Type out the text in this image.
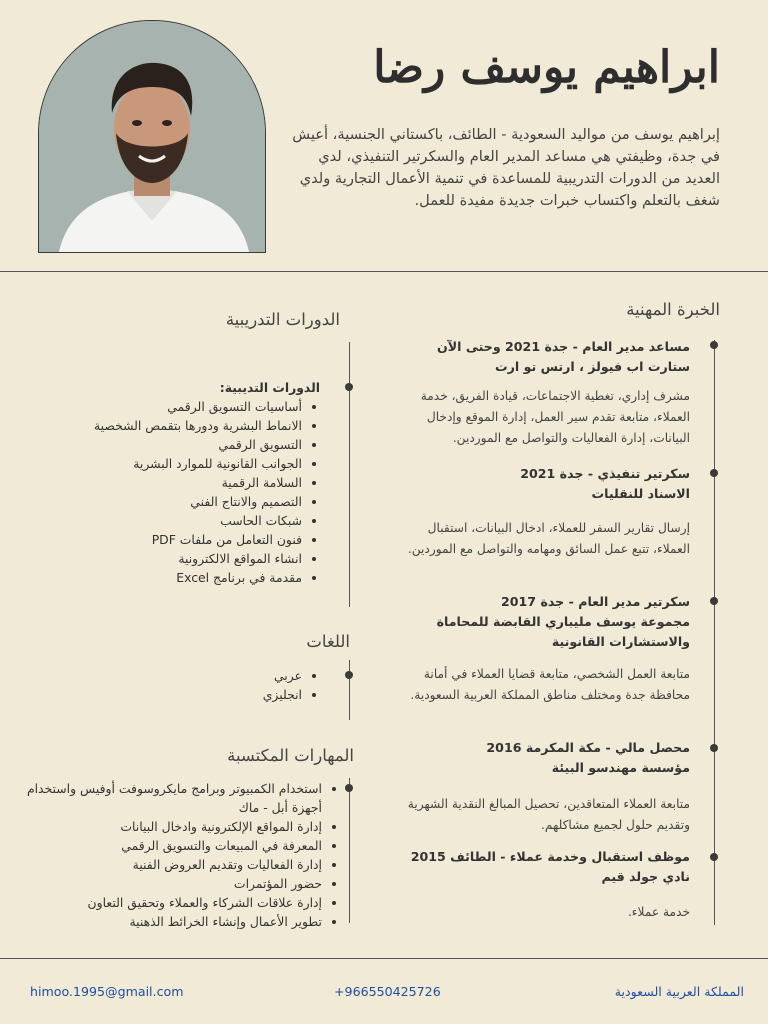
ابراهيم يوسف رضا
إبراهيم يوسف من مواليد السعودية - الطائف، باكستاني الجنسية، أعيش في جدة، وظيفتي هي مساعد المدير العام والسكرتير التنفيذي، لدي العديد من الدورات التدريبية للمساعدة في تنمية الأعمال التجارية ولدي شغف بالتعلم واكتساب خبرات جديدة مفيدة للعمل.
الخبرة المهنية
مساعد مدير العام - جدة 2021 وحتى الآن
ستارت اب فيولز ، ارتس تو ارت
مشرف إداري، تغطية الاجتماعات، قيادة الفريق، خدمة العملاء، متابعة تقدم سير العمل، إدارة الموقع وإدخال البيانات، إدارة الفعاليات والتواصل مع الموردين.
سكرتير تنفيذي - جدة 2021
الاسناد للنقليات
إرسال تقارير السفر للعملاء، ادخال البيانات، استقبال العملاء، تتبع عمل السائق ومهامه والتواصل مع الموردين.
سكرتير مدير العام - جدة 2017
مجموعة يوسف مليباري القابضة للمحاماة والاستشارات القانونية
متابعة العمل الشخصي، متابعة قضايا العملاء في أمانة محافظة جدة ومختلف مناطق المملكة العربية السعودية.
محصل مالي - مكة المكرمة 2016
مؤسسة مهندسو البيئة
متابعة العملاء المتعاقدين، تحصيل المبالغ النقدية الشهرية وتقديم حلول لجميع مشاكلهم.
موظف استقبال وخدمة عملاء - الطائف 2015
نادي جولد قيم
خدمة عملاء.
الدورات التدريبية
الدورات التديبية:
أساسيات التسويق الرقمي
الانماط البشرية ودورها بتقمص الشخصية
التسويق الرقمي
الجوانب القانونية للموارد البشرية
السلامة الرقمية
التصميم والانتاج الفني
شبكات الحاسب
فنون التعامل من ملفات PDF
انشاء المواقع الالكترونية
مقدمة في برنامج Excel
اللغات
عربي
انجليزي
المهارات المكتسبة
استخدام الكمبيوتر وبرامج مايكروسوفت أوفيس واستخدام أجهزة أبل - ماك
إدارة المواقع الإلكترونية وادخال البيانات
المعرفة في المبيعات والتسويق الرقمي
إدارة الفعاليات وتقديم العروض الفنية
حضور المؤتمرات
إدارة علاقات الشركاء والعملاء وتحقيق التعاون
تطوير الأعمال وإنشاء الخرائط الذهنية
himoo.1995@gmail.com	+966550425726	المملكة العربية السعودية
